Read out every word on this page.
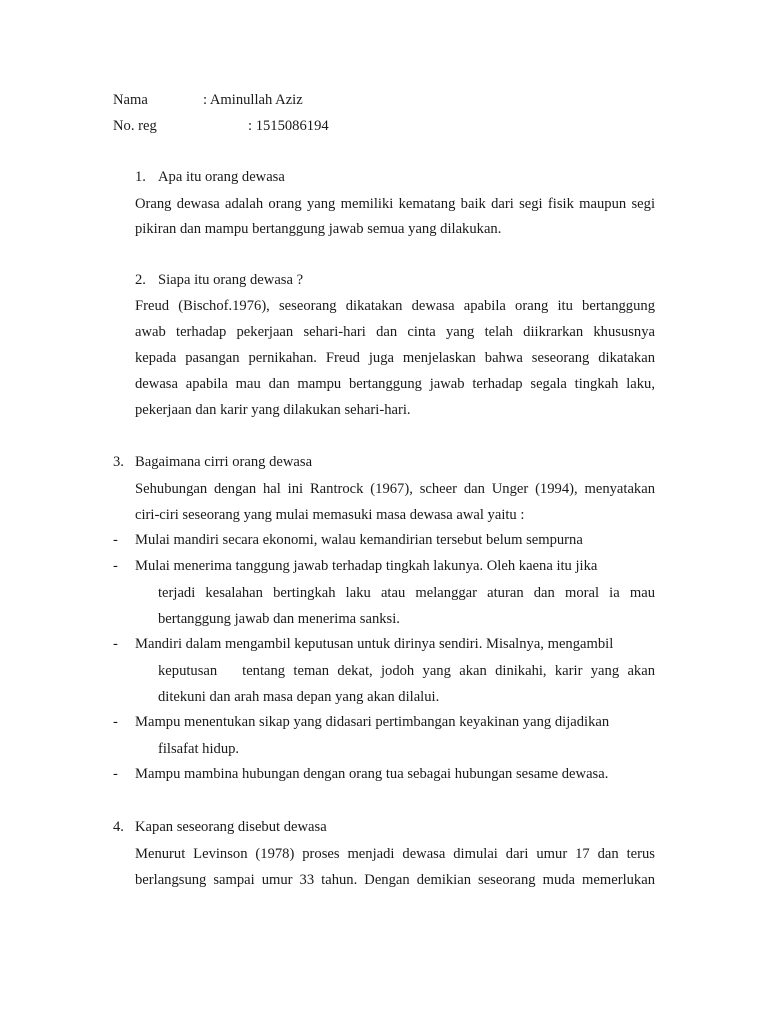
Nama	: Aminullah Aziz
No. reg	: 1515086194
1. Apa itu orang dewasa
Orang dewasa adalah orang yang memiliki kematang baik dari segi fisik maupun segi
pikiran dan mampu bertanggung jawab semua yang dilakukan.
2. Siapa itu orang dewasa ?
Freud (Bischof.1976), seseorang dikatakan dewasa apabila orang itu bertanggung
awab terhadap pekerjaan sehari-hari dan cinta yang telah diikrarkan khususnya
kepada pasangan pernikahan. Freud juga menjelaskan bahwa seseorang dikatakan
dewasa apabila mau dan mampu bertanggung jawab terhadap segala tingkah laku,
pekerjaan dan karir yang dilakukan sehari-hari.
3. Bagaimana cirri orang dewasa
Sehubungan dengan hal ini Rantrock (1967), scheer dan Unger (1994), menyatakan
ciri-ciri seseorang yang mulai memasuki masa dewasa awal yaitu :
- Mulai mandiri secara ekonomi, walau kemandirian tersebut belum sempurna
- Mulai menerima tanggung jawab terhadap tingkah lakunya. Oleh kaena itu jika
terjadi kesalahan bertingkah laku atau melanggar aturan dan moral ia mau
bertanggung jawab dan menerima sanksi.
- Mandiri dalam mengambil keputusan untuk dirinya sendiri. Misalnya, mengambil
keputusan   tentang teman dekat, jodoh yang akan dinikahi, karir yang akan
ditekuni dan arah masa depan yang akan dilalui.
- Mampu menentukan sikap yang didasari pertimbangan keyakinan yang dijadikan
filsafat hidup.
- Mampu mambina hubungan dengan orang tua sebagai hubungan sesame dewasa.
4. Kapan seseorang disebut dewasa
Menurut Levinson (1978) proses menjadi dewasa dimulai dari umur 17 dan terus
berlangsung sampai umur 33 tahun. Dengan demikian seseorang muda memerlukan
